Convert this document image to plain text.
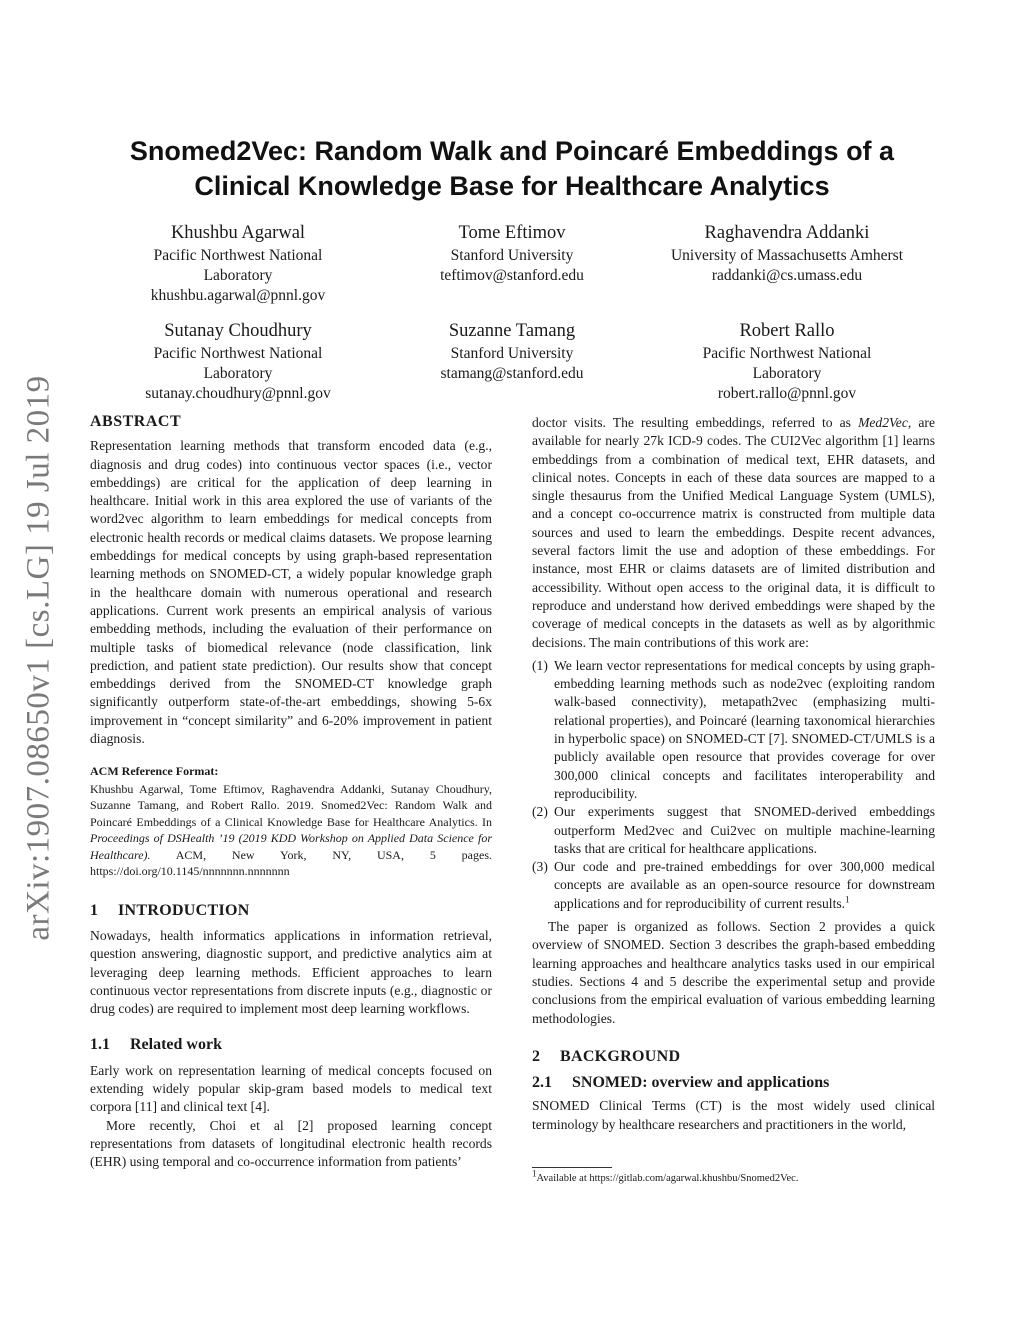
arXiv:1907.08650v1 [cs.LG] 19 Jul 2019
Snomed2Vec: Random Walk and Poincaré Embeddings of a
Clinical Knowledge Base for Healthcare Analytics
Khushbu Agarwal
Pacific Northwest National
Laboratory
khushbu.agarwal@pnnl.gov
Tome Eftimov
Stanford University
teftimov@stanford.edu
Raghavendra Addanki
University of Massachusetts Amherst
raddanki@cs.umass.edu
Sutanay Choudhury
Pacific Northwest National
Laboratory
sutanay.choudhury@pnnl.gov
Suzanne Tamang
Stanford University
stamang@stanford.edu
Robert Rallo
Pacific Northwest National
Laboratory
robert.rallo@pnnl.gov
ABSTRACT

Representation learning methods that transform encoded data (e.g., diagnosis and drug codes) into continuous vector spaces (i.e., vector embeddings) are critical for the application of deep learning in healthcare. Initial work in this area explored the use of variants of the word2vec algorithm to learn embeddings for medical concepts from electronic health records or medical claims datasets. We propose learning embeddings for medical concepts by using graph-based representation learning methods on SNOMED-CT, a widely popular knowledge graph in the healthcare domain with numerous operational and research applications. Current work presents an empirical analysis of various embedding methods, including the evaluation of their performance on multiple tasks of biomedical relevance (node classification, link prediction, and patient state prediction). Our results show that concept embeddings derived from the SNOMED-CT knowledge graph significantly outperform state-of-the-art embeddings, showing 5-6x improvement in “concept similarity” and 6-20% improvement in patient diagnosis.

ACM Reference Format:

Khushbu Agarwal, Tome Eftimov, Raghavendra Addanki, Sutanay Choudhury, Suzanne Tamang, and Robert Rallo. 2019. Snomed2Vec: Random Walk and Poincaré Embeddings of a Clinical Knowledge Base for Healthcare Analytics. In Proceedings of DSHealth ’19 (2019 KDD Workshop on Applied Data Science for Healthcare). ACM, New York, NY, USA, 5 pages. https://doi.org/10.1145/nnnnnnn.nnnnnnn

1 INTRODUCTION

Nowadays, health informatics applications in information retrieval, question answering, diagnostic support, and predictive analytics aim at leveraging deep learning methods. Efficient approaches to learn continuous vector representations from discrete inputs (e.g., diagnostic or drug codes) are required to implement most deep learning workflows.

1.1 Related work

Early work on representation learning of medical concepts focused on extending widely popular skip-gram based models to medical text corpora [11] and clinical text [4].

More recently, Choi et al [2] proposed learning concept representations from datasets of longitudinal electronic health records (EHR) using temporal and co-occurrence information from patients’

doctor visits. The resulting embeddings, referred to as Med2Vec, are available for nearly 27k ICD-9 codes. The CUI2Vec algorithm [1] learns embeddings from a combination of medical text, EHR datasets, and clinical notes. Concepts in each of these data sources are mapped to a single thesaurus from the Unified Medical Language System (UMLS), and a concept co-occurrence matrix is constructed from multiple data sources and used to learn the embeddings. Despite recent advances, several factors limit the use and adoption of these embeddings. For instance, most EHR or claims datasets are of limited distribution and accessibility. Without open access to the original data, it is difficult to reproduce and understand how derived embeddings were shaped by the coverage of medical concepts in the datasets as well as by algorithmic decisions. The main contributions of this work are:

(1) We learn vector representations for medical concepts by using graph-embedding learning methods such as node2vec (exploiting random walk-based connectivity), metapath2vec (emphasizing multi-relational properties), and Poincaré (learning taxonomical hierarchies in hyperbolic space) on SNOMED-CT [7]. SNOMED-CT/UMLS is a publicly available open resource that provides coverage for over 300,000 clinical concepts and facilitates interoperability and reproducibility.
(2) Our experiments suggest that SNOMED-derived embeddings outperform Med2vec and Cui2vec on multiple machine-learning tasks that are critical for healthcare applications.
(3) Our code and pre-trained embeddings for over 300,000 medical concepts are available as an open-source resource for downstream applications and for reproducibility of current results.$^1$

The paper is organized as follows. Section 2 provides a quick overview of SNOMED. Section 3 describes the graph-based embedding learning approaches and healthcare analytics tasks used in our empirical studies. Sections 4 and 5 describe the experimental setup and provide conclusions from the empirical evaluation of various embedding learning methodologies.

2 BACKGROUND
2.1 SNOMED: overview and applications

SNOMED Clinical Terms (CT) is the most widely used clinical terminology by healthcare researchers and practitioners in the world,

$^1$Available at https://gitlab.com/agarwal.khushbu/Snomed2Vec.
